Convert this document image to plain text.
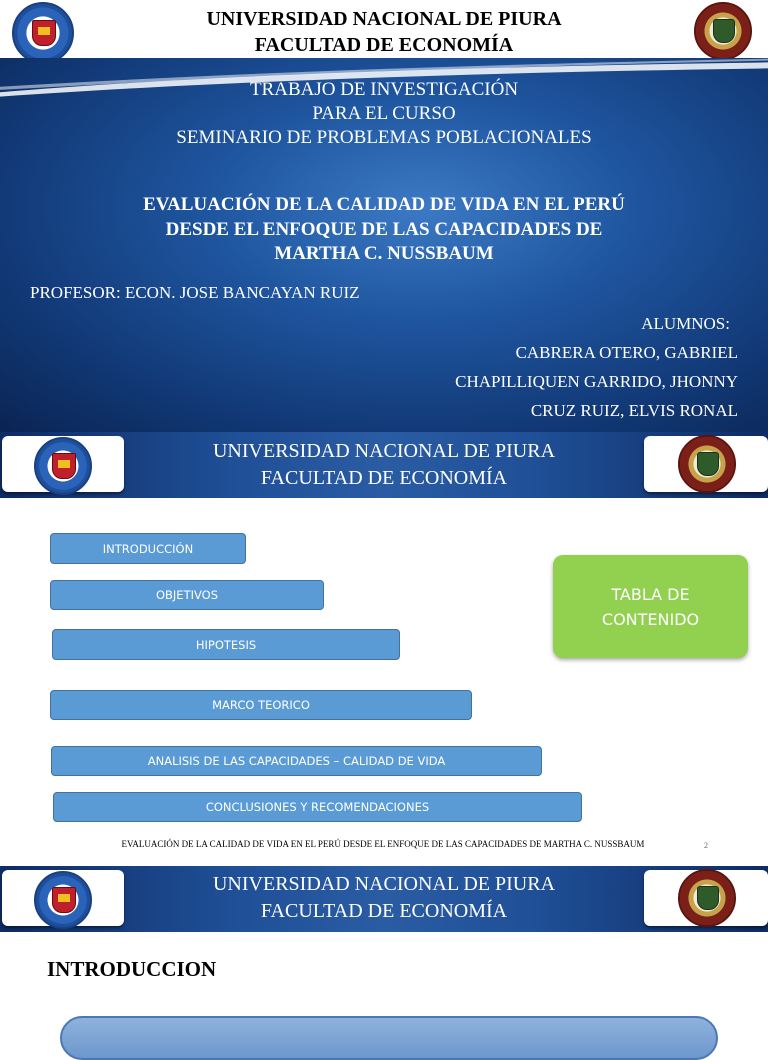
UNIVERSIDAD NACIONAL DE PIURA
FACULTAD DE ECONOMÍA
TRABAJO DE INVESTIGACIÓN
PARA EL CURSO
SEMINARIO DE PROBLEMAS POBLACIONALES
EVALUACIÓN DE LA CALIDAD DE VIDA EN EL PERÚ
DESDE EL ENFOQUE DE LAS CAPACIDADES DE
MARTHA C. NUSSBAUM
PROFESOR: ECON. JOSE BANCAYAN RUIZ
ALUMNOS:
CABRERA OTERO, GABRIEL
CHAPILLIQUEN GARRIDO, JHONNY
CRUZ RUIZ, ELVIS RONAL
UNIVERSIDAD NACIONAL DE PIURA
FACULTAD DE ECONOMÍA
INTRODUCCIÓN
OBJETIVOS
HIPOTESIS
MARCO TEORICO
ANALISIS DE LAS CAPACIDADES – CALIDAD DE VIDA
CONCLUSIONES Y RECOMENDACIONES
TABLA DE
CONTENIDO
EVALUACIÓN DE LA CALIDAD DE VIDA EN EL PERÚ DESDE EL ENFOQUE DE LAS CAPACIDADES DE MARTHA C. NUSSBAUM	2
UNIVERSIDAD NACIONAL DE PIURA
FACULTAD DE ECONOMÍA
INTRODUCCION
